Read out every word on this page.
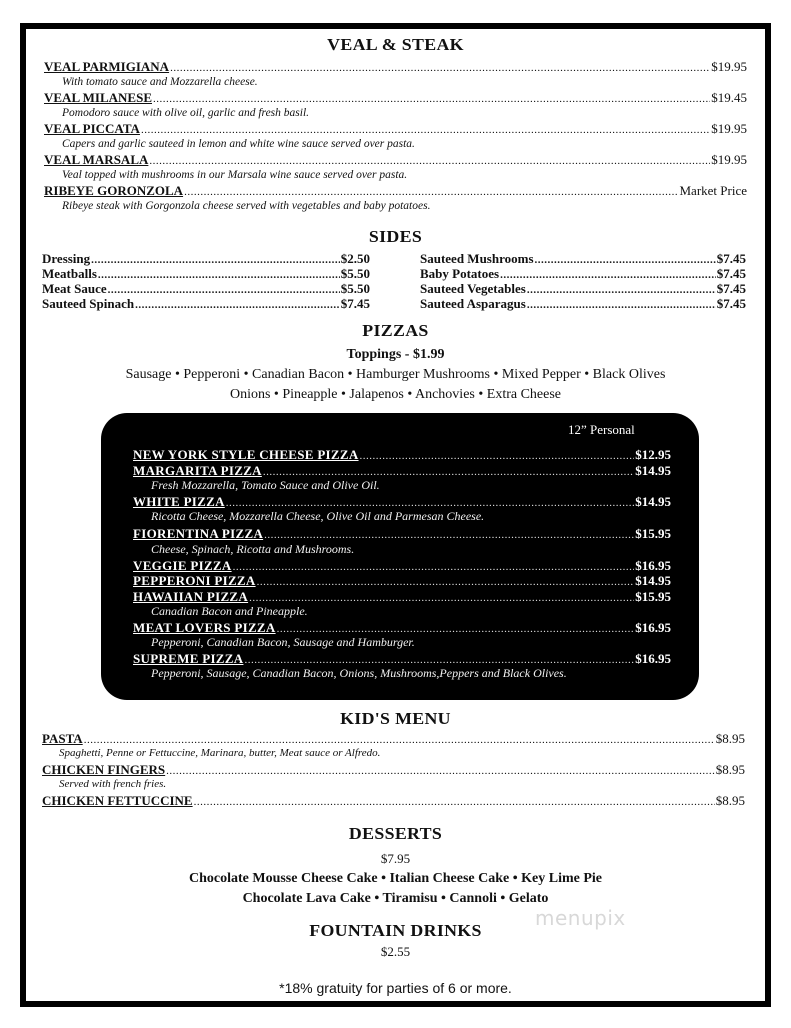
VEAL & STEAK
VEAL PARMIGIANA .....	$19.95
With tomato sauce and Mozzarella cheese.
VEAL MILANESE .....	$19.45
Pomodoro sauce with olive oil, garlic and fresh basil.
VEAL PICCATA .....	$19.95
Capers and garlic sauteed in lemon and white wine sauce served over pasta.
VEAL MARSALA .....	$19.95
Veal topped with mushrooms in our Marsala wine sauce served over pasta.
RIBEYE GORONZOLA .....	Market Price
Ribeye steak with Gorgonzola cheese served with vegetables and baby potatoes.
SIDES
Dressing .....	$2.50
Meatballs .....	$5.50
Meat Sauce .....	$5.50
Sauteed Spinach .....	$7.45
Sauteed Mushrooms .....	$7.45
Baby Potatoes .....	$7.45
Sauteed Vegetables .....	$7.45
Sauteed Asparagus .....	$7.45
PIZZAS
Toppings - $1.99
Sausage • Pepperoni • Canadian Bacon • Hamburger Mushrooms • Mixed Pepper • Black Olives
Onions • Pineapple • Jalapenos • Anchovies • Extra Cheese
12” Personal
NEW YORK STYLE CHEESE PIZZA .....	$12.95
MARGARITA PIZZA .....	$14.95
Fresh Mozzarella, Tomato Sauce and Olive Oil.
WHITE PIZZA .....	$14.95
Ricotta Cheese, Mozzarella Cheese, Olive Oil and Parmesan Cheese.
FIORENTINA PIZZA .....	$15.95
Cheese, Spinach, Ricotta and Mushrooms.
VEGGIE PIZZA .....	$16.95
PEPPERONI PIZZA .....	$14.95
HAWAIIAN PIZZA .....	$15.95
Canadian Bacon and Pineapple.
MEAT LOVERS PIZZA .....	$16.95
Pepperoni, Canadian Bacon, Sausage and Hamburger.
SUPREME PIZZA .....	$16.95
Pepperoni, Sausage, Canadian Bacon, Onions, Mushrooms,Peppers and Black Olives.
KID'S MENU
PASTA .....	$8.95
Spaghetti, Penne or Fettuccine, Marinara, butter, Meat sauce or Alfredo.
CHICKEN FINGERS .....	$8.95
Served with french fries.
CHICKEN FETTUCCINE .....	$8.95
DESSERTS
$7.95
Chocolate Mousse Cheese Cake • Italian Cheese Cake • Key Lime Pie
Chocolate Lava Cake • Tiramisu • Cannoli • Gelato
FOUNTAIN DRINKS
$2.55
*18% gratuity for parties of 6 or more.
menupix
